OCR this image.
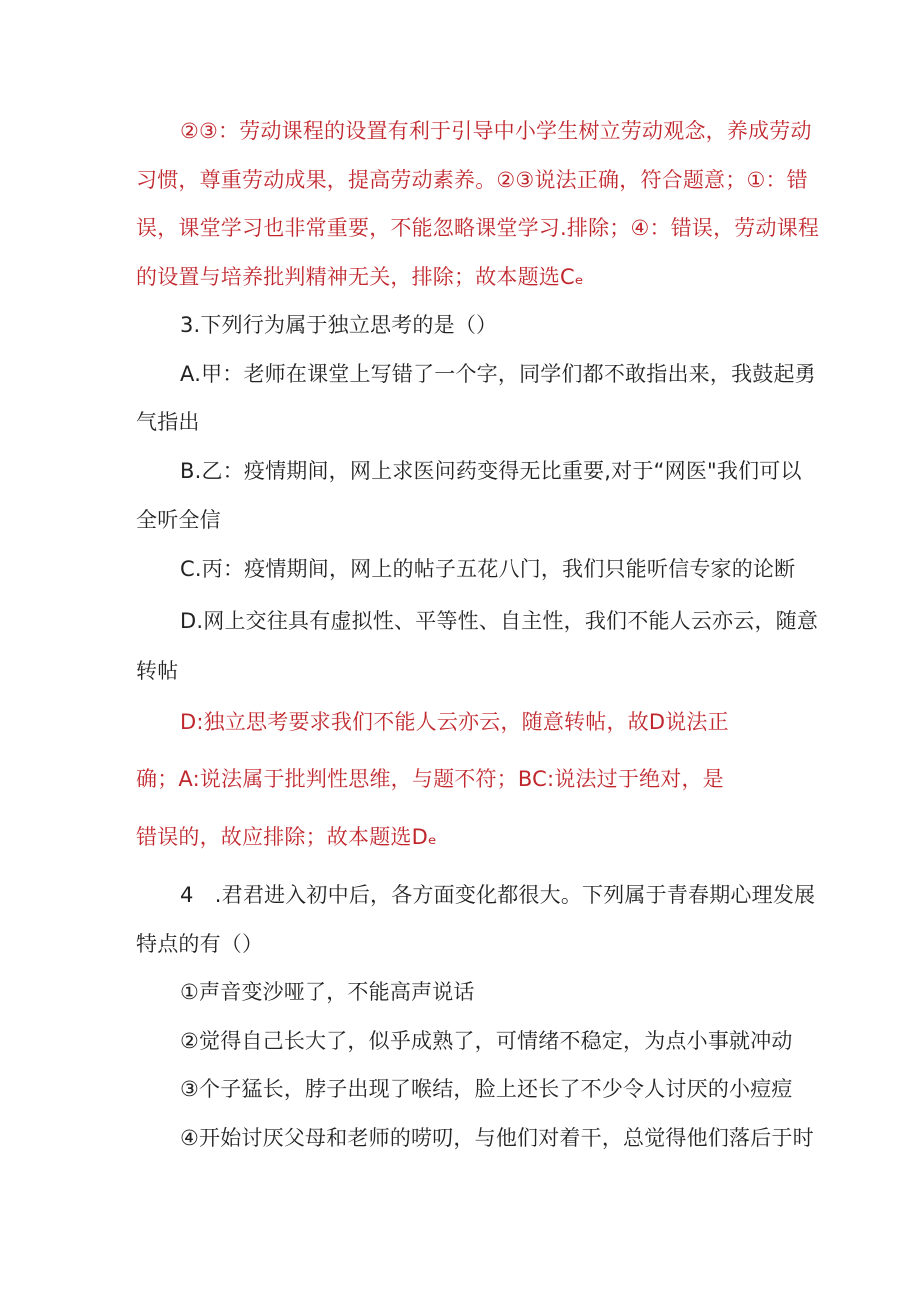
②③：劳动课程的设置有利于引导中小学生树立劳动观念，养成劳动
习惯，尊重劳动成果，提高劳动素养。②③说法正确，符合题意；①：错
误，课堂学习也非常重要，不能忽略课堂学习.排除；④：错误，劳动课程
的设置与培养批判精神无关，排除；故本题选Cₑ
3.下列行为属于独立思考的是（）
A.甲：老师在课堂上写错了一个字，同学们都不敢指出来，我鼓起勇
气指出
B.乙：疫情期间，网上求医问药变得无比重要,对于“网医"我们可以
全听全信
C.丙：疫情期间，网上的帖子五花八门，我们只能听信专家的论断
D.网上交往具有虚拟性、平等性、自主性，我们不能人云亦云，随意
转帖
D:独立思考要求我们不能人云亦云，随意转帖，故D说法正
确；A:说法属于批判性思维，与题不符；BC:说法过于绝对，是
错误的，故应排除；故本题选Dₑ
4　.君君进入初中后，各方面变化都很大。下列属于青春期心理发展
特点的有（）
①声音变沙哑了，不能高声说话
②觉得自己长大了，似乎成熟了，可情绪不稳定，为点小事就冲动
③个子猛长，脖子出现了喉结，脸上还长了不少令人讨厌的小痘痘
④开始讨厌父母和老师的唠叨，与他们对着干，总觉得他们落后于时
